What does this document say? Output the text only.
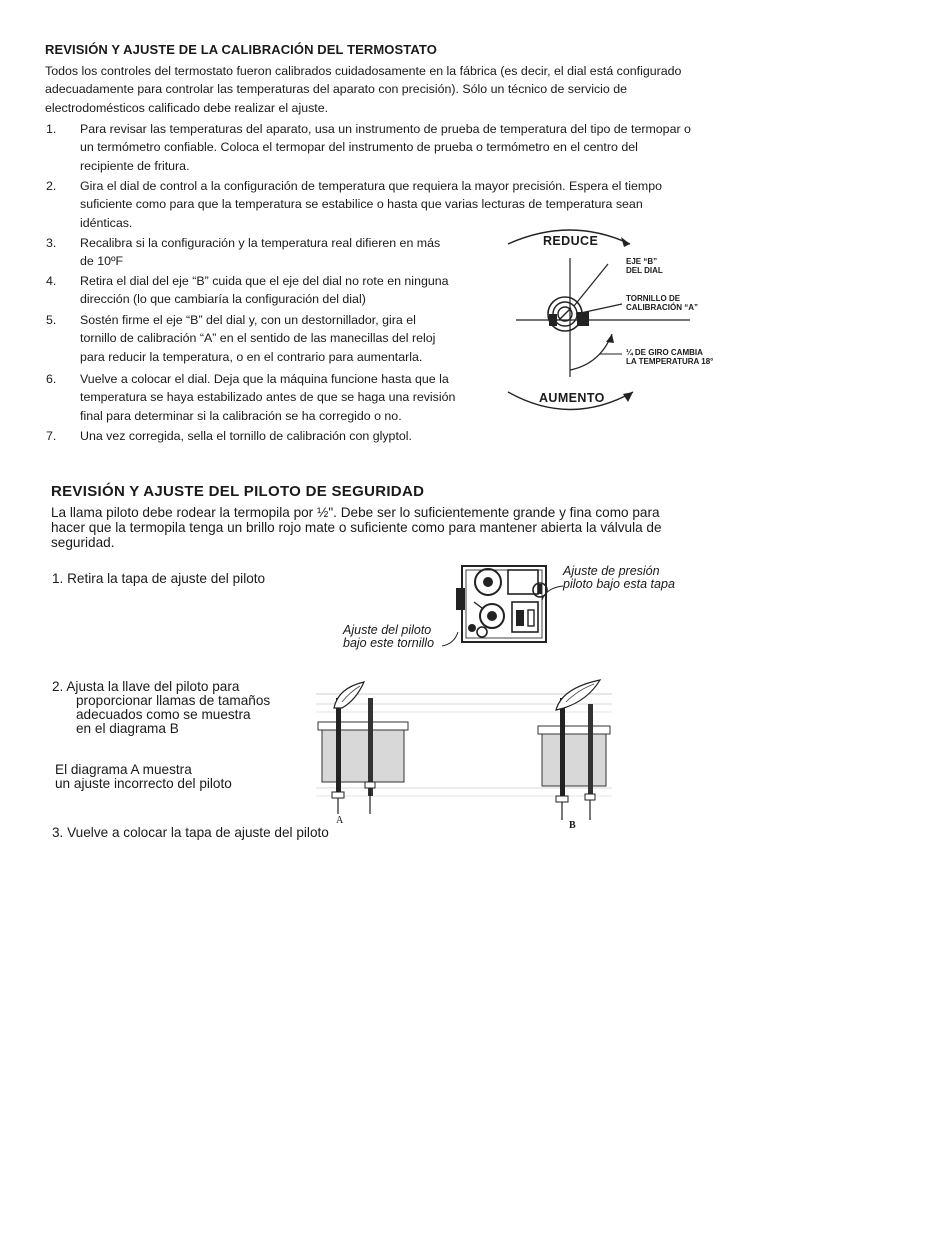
REVISIÓN Y AJUSTE DE LA CALIBRACIÓN DEL TERMOSTATO
Todos los controles del termostato fueron calibrados cuidadosamente en la fábrica (es decir, el dial está configurado
adecuadamente para controlar las temperaturas del aparato con precisión). Sólo un técnico de servicio de
electrodomésticos calificado debe realizar el ajuste.
1. Para revisar las temperaturas del aparato, usa un instrumento de prueba de temperatura del tipo de termopar o
un termómetro confiable. Coloca el termopar del instrumento de prueba o termómetro en el centro del
recipiente de fritura.
2. Gira el dial de control a la configuración de temperatura que requiera la mayor precisión. Espera el tiempo
suficiente como para que la temperatura se estabilice o hasta que varias lecturas de temperatura sean
idénticas.
3. Recalibra si la configuración y la temperatura real difieren en más
de 10ºF
4. Retira el dial del eje “B” cuida que el eje del dial no rote en ninguna
dirección (lo que cambiaría la configuración del dial)
5. Sostén firme el eje “B” del dial y, con un destornillador, gira el
tornillo de calibración “A” en el sentido de las manecillas del reloj
para reducir la temperatura, o en el contrario para aumentarla.
6. Vuelve a colocar el dial. Deja que la máquina funcione hasta que la
temperatura se haya estabilizado antes de que se haga una revisión
final para determinar si la calibración se ha corregido o no.
7. Una vez corregida, sella el tornillo de calibración con glyptol.
REDUCE
AUMENTO
EJE “B”
DEL DIAL
TORNILLO DE
CALIBRACIÓN “A”
¼ DE GIRO CAMBIA
LA TEMPERATURA 18°
REVISIÓN Y AJUSTE DEL PILOTO DE SEGURIDAD
La llama piloto debe rodear la termopila por ½". Debe ser lo suficientemente grande y fina como para
hacer que la termopila tenga un brillo rojo mate o suficiente como para mantener abierta la válvula de
seguridad.
1. Retira la tapa de ajuste del piloto	Ajuste de presión
piloto bajo esta tapa
Ajuste del piloto
bajo este tornillo
2. Ajusta la llave del piloto para
proporcionar llamas de tamaños
adecuados como se muestra
en el diagrama B
El diagrama A muestra
un ajuste incorrecto del piloto
A	B
3. Vuelve a colocar la tapa de ajuste del piloto
